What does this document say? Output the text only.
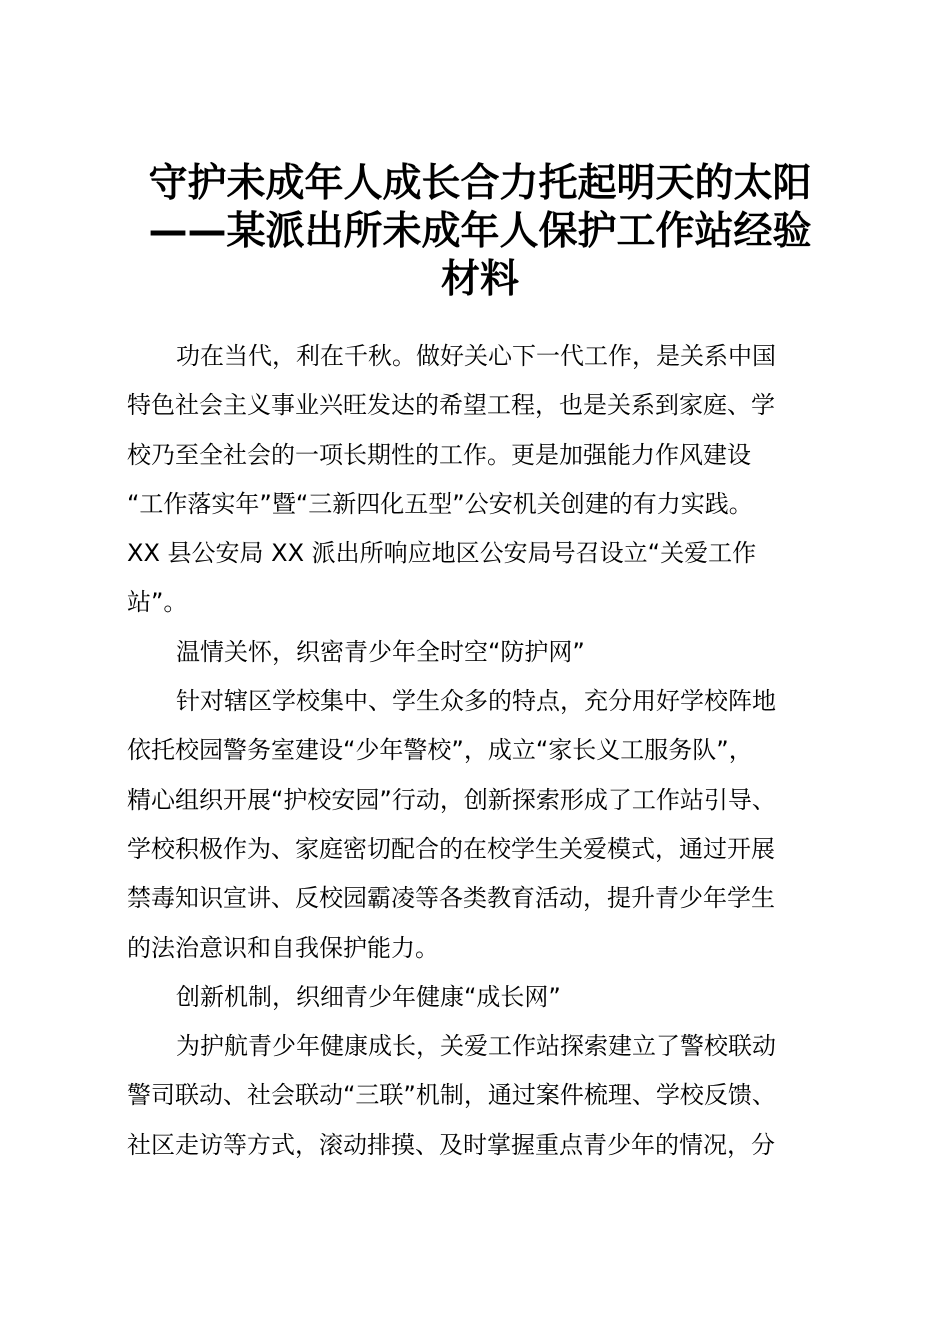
守护未成年人成长合力托起明天的太阳
——某派出所未成年人保护工作站经验
材料

功在当代，利在千秋。做好关心下一代工作，是关系中国
特色社会主义事业兴旺发达的希望工程，也是关系到家庭、学
校乃至全社会的一项长期性的工作。更是加强能力作风建设
“工作落实年”暨“三新四化五型”公安机关创建的有力实践。
XX 县公安局 XX 派出所响应地区公安局号召设立“关爱工作
站”。

温情关怀，织密青少年全时空“防护网”

针对辖区学校集中、学生众多的特点，充分用好学校阵地
依托校园警务室建设“少年警校”，成立“家长义工服务队”，
精心组织开展“护校安园”行动，创新探索形成了工作站引导、
学校积极作为、家庭密切配合的在校学生关爱模式，通过开展
禁毒知识宣讲、反校园霸凌等各类教育活动，提升青少年学生
的法治意识和自我保护能力。

创新机制，织细青少年健康“成长网”

为护航青少年健康成长，关爱工作站探索建立了警校联动
警司联动、社会联动“三联”机制，通过案件梳理、学校反馈、
社区走访等方式，滚动排摸、及时掌握重点青少年的情况，分
